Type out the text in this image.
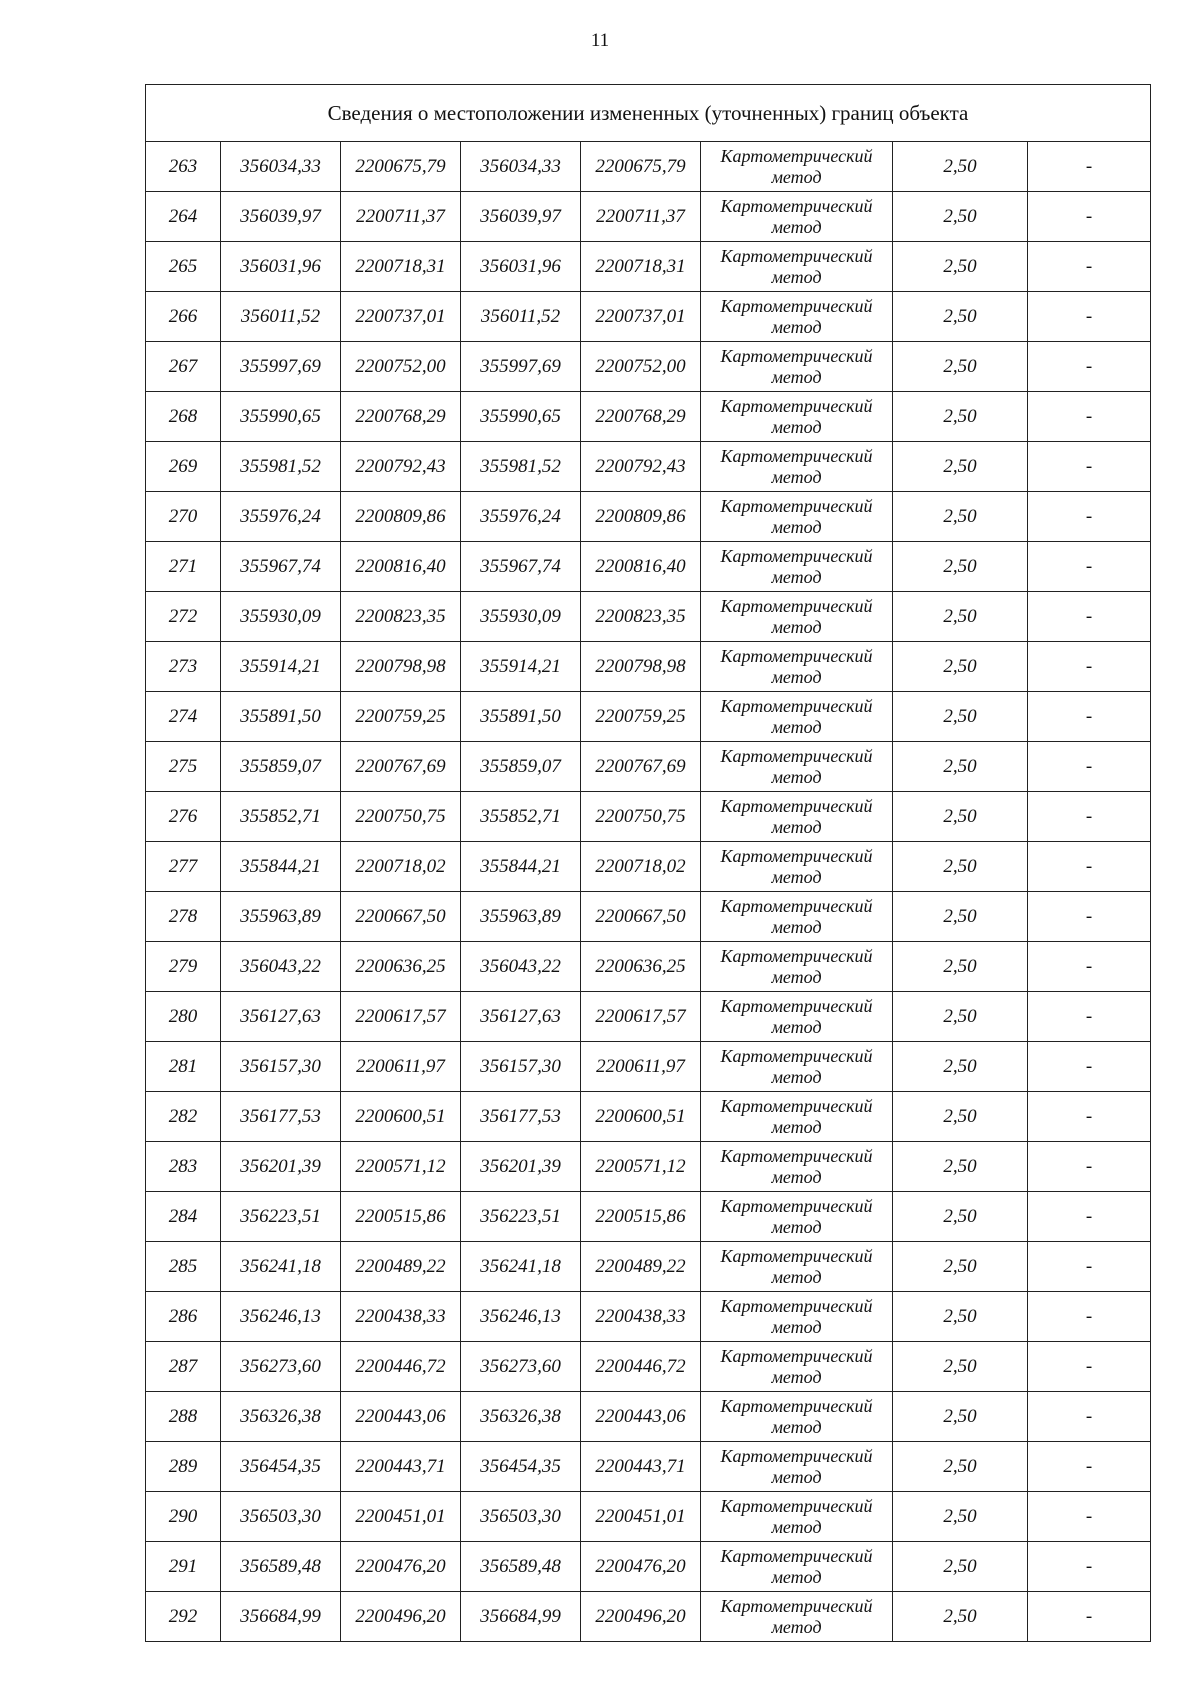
11
Сведения о местоположении измененных (уточненных) границ объекта							
263	356034,33	2200675,79	356034,33	2200675,79	Картометрический
метод	2,50	-
264	356039,97	2200711,37	356039,97	2200711,37	Картометрический
метод	2,50	-
265	356031,96	2200718,31	356031,96	2200718,31	Картометрический
метод	2,50	-
266	356011,52	2200737,01	356011,52	2200737,01	Картометрический
метод	2,50	-
267	355997,69	2200752,00	355997,69	2200752,00	Картометрический
метод	2,50	-
268	355990,65	2200768,29	355990,65	2200768,29	Картометрический
метод	2,50	-
269	355981,52	2200792,43	355981,52	2200792,43	Картометрический
метод	2,50	-
270	355976,24	2200809,86	355976,24	2200809,86	Картометрический
метод	2,50	-
271	355967,74	2200816,40	355967,74	2200816,40	Картометрический
метод	2,50	-
272	355930,09	2200823,35	355930,09	2200823,35	Картометрический
метод	2,50	-
273	355914,21	2200798,98	355914,21	2200798,98	Картометрический
метод	2,50	-
274	355891,50	2200759,25	355891,50	2200759,25	Картометрический
метод	2,50	-
275	355859,07	2200767,69	355859,07	2200767,69	Картометрический
метод	2,50	-
276	355852,71	2200750,75	355852,71	2200750,75	Картометрический
метод	2,50	-
277	355844,21	2200718,02	355844,21	2200718,02	Картометрический
метод	2,50	-
278	355963,89	2200667,50	355963,89	2200667,50	Картометрический
метод	2,50	-
279	356043,22	2200636,25	356043,22	2200636,25	Картометрический
метод	2,50	-
280	356127,63	2200617,57	356127,63	2200617,57	Картометрический
метод	2,50	-
281	356157,30	2200611,97	356157,30	2200611,97	Картометрический
метод	2,50	-
282	356177,53	2200600,51	356177,53	2200600,51	Картометрический
метод	2,50	-
283	356201,39	2200571,12	356201,39	2200571,12	Картометрический
метод	2,50	-
284	356223,51	2200515,86	356223,51	2200515,86	Картометрический
метод	2,50	-
285	356241,18	2200489,22	356241,18	2200489,22	Картометрический
метод	2,50	-
286	356246,13	2200438,33	356246,13	2200438,33	Картометрический
метод	2,50	-
287	356273,60	2200446,72	356273,60	2200446,72	Картометрический
метод	2,50	-
288	356326,38	2200443,06	356326,38	2200443,06	Картометрический
метод	2,50	-
289	356454,35	2200443,71	356454,35	2200443,71	Картометрический
метод	2,50	-
290	356503,30	2200451,01	356503,30	2200451,01	Картометрический
метод	2,50	-
291	356589,48	2200476,20	356589,48	2200476,20	Картометрический
метод	2,50	-
292	356684,99	2200496,20	356684,99	2200496,20	Картометрический
метод	2,50	-
